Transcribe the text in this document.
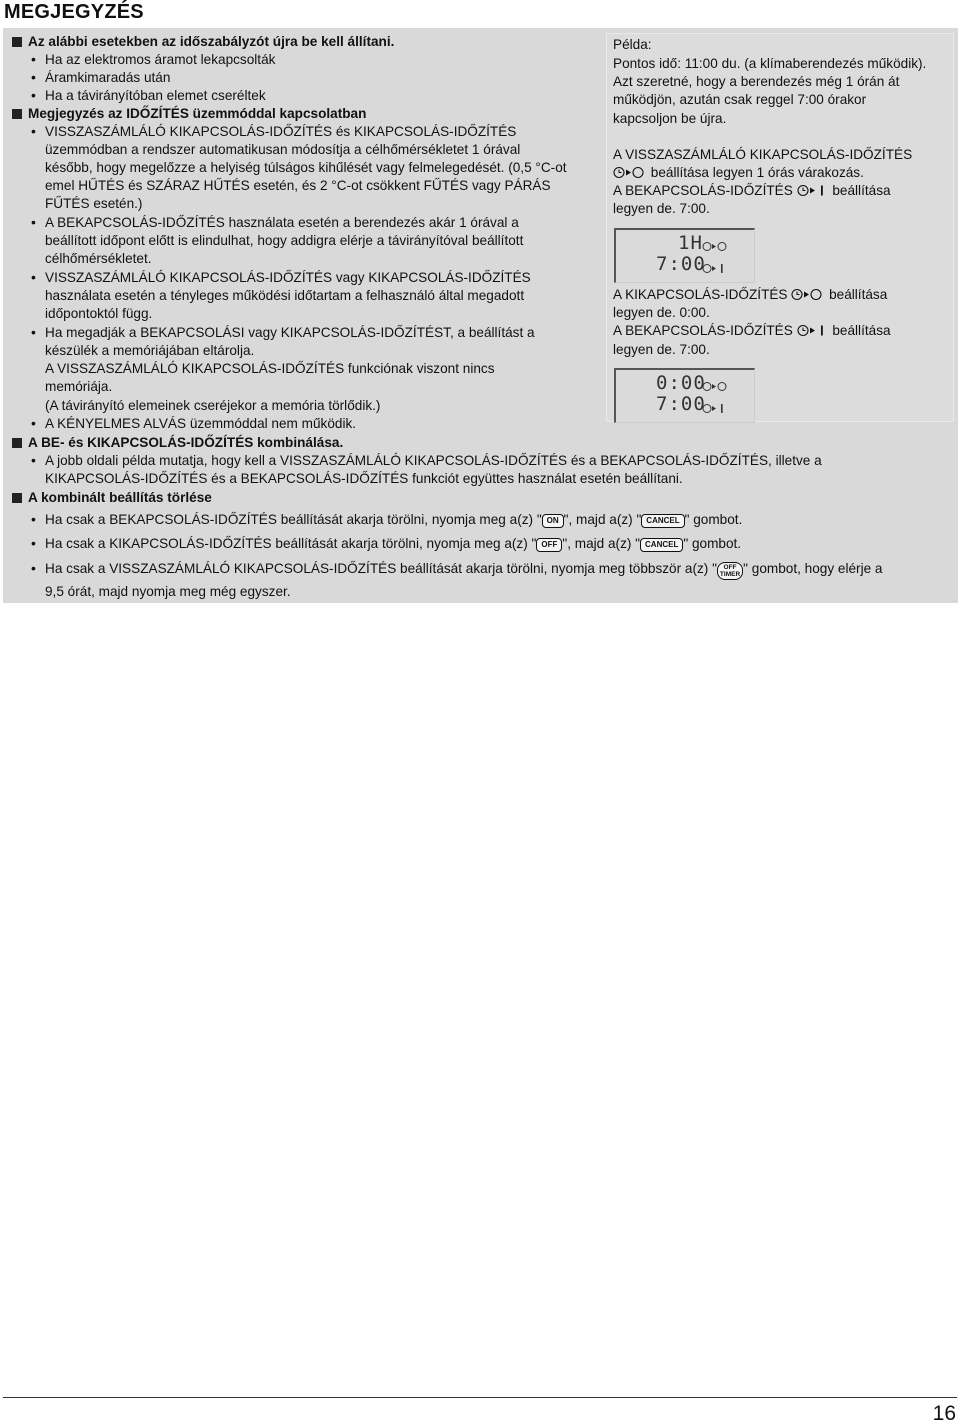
MEGJEGYZÉS
Az alábbi esetekben az időszabályzót újra be kell állítani.
• Ha az elektromos áramot lekapcsolták
• Áramkimaradás után
• Ha a távirányítóban elemet cseréltek
Megjegyzés az IDŐZÍTÉS üzemmóddal kapcsolatban
• VISSZASZÁMLÁLÓ KIKAPCSOLÁS-IDŐZÍTÉS és KIKAPCSOLÁS-IDŐZÍTÉS
üzemmódban a rendszer automatikusan módosítja a célhőmérsékletet 1 órával
később, hogy megelőzze a helyiség túlságos kihűlését vagy felmelegedését. (0,5 °C-ot
emel HŰTÉS és SZÁRAZ HŰTÉS esetén, és 2 °C-ot csökkent FŰTÉS vagy PÁRÁS
FŰTÉS esetén.)
• A BEKAPCSOLÁS-IDŐZÍTÉS használata esetén a berendezés akár 1 órával a
beállított időpont előtt is elindulhat, hogy addigra elérje a távirányítóval beállított
célhőmérsékletet.
• VISSZASZÁMLÁLÓ KIKAPCSOLÁS-IDŐZÍTÉS vagy KIKAPCSOLÁS-IDŐZÍTÉS
használata esetén a tényleges működési időtartam a felhasználó által megadott
időpontoktól függ.
• Ha megadják a BEKAPCSOLÁSI vagy KIKAPCSOLÁS-IDŐZÍTÉST, a beállítást a
készülék a memóriájában eltárolja.
A VISSZASZÁMLÁLÓ KIKAPCSOLÁS-IDŐZÍTÉS funkciónak viszont nincs
memóriája.
(A távirányító elemeinek cseréjekor a memória törlődik.)
• A KÉNYELMES ALVÁS üzemmóddal nem működik.
Példa:
Pontos idő: 11:00 du. (a klímaberendezés működik).
Azt szeretné, hogy a berendezés még 1 órán át
működjön, azután csak reggel 7:00 órakor
kapcsoljon be újra.
A VISSZASZÁMLÁLÓ KIKAPCSOLÁS-IDŐZÍTÉS
beállítása legyen 1 órás várakozás.
A BEKAPCSOLÁS-IDŐZÍTÉS	beállítása
legyen de. 7:00.
1H
7:00
A KIKAPCSOLÁS-IDŐZÍTÉS	beállítása
legyen de. 0:00.
A BEKAPCSOLÁS-IDŐZÍTÉS	beállítása
legyen de. 7:00.
0:00
7:00
A BE- és KIKAPCSOLÁS-IDŐZÍTÉS kombinálása.
• A jobb oldali példa mutatja, hogy kell a VISSZASZÁMLÁLÓ KIKAPCSOLÁS-IDŐZÍTÉS és a BEKAPCSOLÁS-IDŐZÍTÉS, illetve a
KIKAPCSOLÁS-IDŐZÍTÉS és a BEKAPCSOLÁS-IDŐZÍTÉS funkciót együttes használat esetén beállítani.
A kombinált beállítás törlése
• Ha csak a BEKAPCSOLÁS-IDŐZÍTÉS beállítását akarja törölni, nyomja meg a(z) " ON ", majd a(z) " CANCEL " gombot.
• Ha csak a KIKAPCSOLÁS-IDŐZÍTÉS beállítását akarja törölni, nyomja meg a(z) " OFF ", majd a(z) " CANCEL " gombot.
• Ha csak a VISSZASZÁMLÁLÓ KIKAPCSOLÁS-IDŐZÍTÉS beállítását akarja törölni, nyomja meg többször a(z) " OFF
TIMER " gombot, hogy elérje a
9,5 órát, majd nyomja meg még egyszer.
16
